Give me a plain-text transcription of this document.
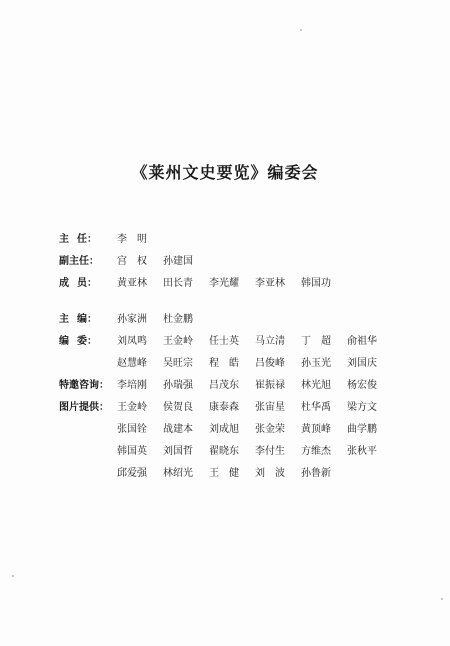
《莱州文史要览》编委会
主 任： 李　明
副主任： 宫　权	孙建国
成 员： 黄亚林	田长青	李光耀	李亚林	韩国功
主 编： 孙家洲	杜金鹏
编 委： 刘凤鸣	王金岭	任士英	马立清	丁　超	俞祖华
赵慧峰	吴旺宗	程　皓	吕俊峰	孙玉光	刘国庆
特邀咨询： 李培刚	孙瑞强	吕茂东	崔振禄	林光旭	杨宏俊
图片提供： 王金岭	侯贺良	康泰森	张宙星	杜华禹	梁方文
张国铨	战建本	刘成旭	张金荣	黄顶峰	曲学鹏
韩国英	刘国哲	翟晓东	李付生	方维杰	张秋平
邱爱强	林绍光	王　健	刘　波	孙鲁新
